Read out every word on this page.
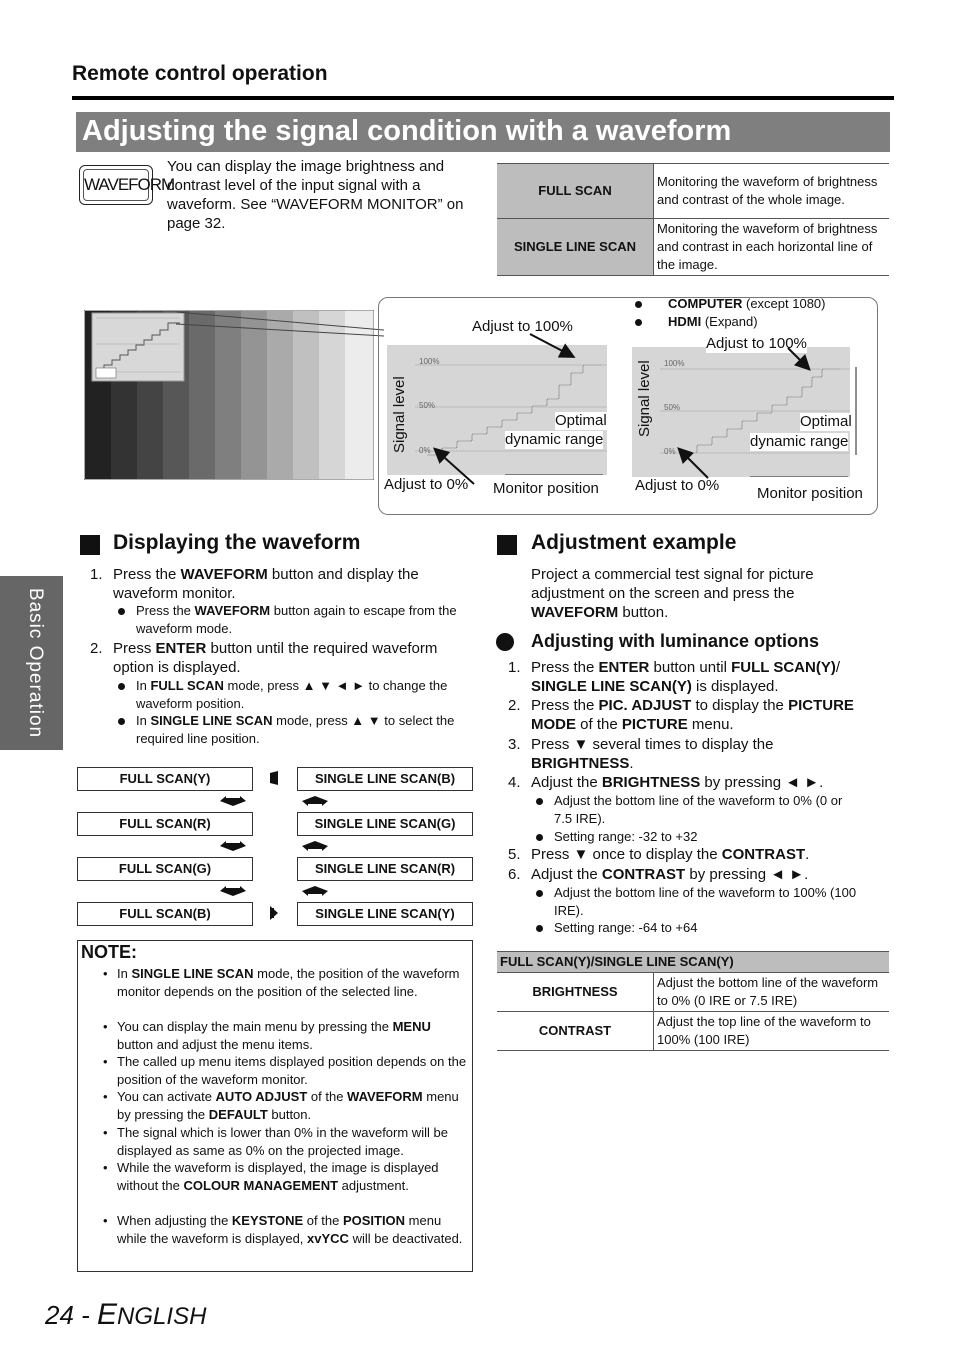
Remote control operation
Adjusting the signal condition with a waveform
WAVEFORM
You can display the image brightness and contrast level of the input signal with a waveform. See “WAVEFORM MONITOR” on page 32.
FULL SCAN	Monitoring the waveform of brightness and contrast of the whole image.
SINGLE LINE SCAN	Monitoring the waveform of brightness and contrast in each horizontal line of the image.
Basic Operation
COMPUTER (except 1080)
HDMI (Expand)
100%
50%
0%
Adjust to 100%
Signal level	Optimal
dynamic range
Adjust to 0% Monitor position
100%
50%
0%
Adjust to 100%
Signal level	Optimal
dynamic range
Adjust to 0%	Monitor position
Displaying the waveform
1. Press the WAVEFORM button and display the waveform monitor.
Press the WAVEFORM button again to escape from the waveform mode.
2. Press ENTER button until the required waveform option is displayed.
In FULL SCAN mode, press ▲ ▼ ◄ ► to change the waveform position.
In SINGLE LINE SCAN mode, press ▲ ▼ to select the required line position.
FULL SCAN(Y)
FULL SCAN(R)
FULL SCAN(G)
FULL SCAN(B)
SINGLE LINE SCAN(B)
SINGLE LINE SCAN(G)
SINGLE LINE SCAN(R)
SINGLE LINE SCAN(Y)
NOTE:
• In SINGLE LINE SCAN mode, the position of the waveform monitor depends on the position of the selected line.
• You can display the main menu by pressing the MENU button and adjust the menu items.
• The called up menu items displayed position depends on the position of the waveform monitor.
• You can activate AUTO ADJUST of the WAVEFORM menu by pressing the DEFAULT button.
• The signal which is lower than 0% in the waveform will be displayed as same as 0% on the projected image.
• While the waveform is displayed, the image is displayed without the COLOUR MANAGEMENT adjustment.
• When adjusting the KEYSTONE of the POSITION menu while the waveform is displayed, xvYCC will be deactivated.
Adjustment example
Project a commercial test signal for picture adjustment on the screen and press the WAVEFORM button.
Adjusting with luminance options
1. Press the ENTER button until FULL SCAN(Y)/
SINGLE LINE SCAN(Y) is displayed.
2. Press the PIC. ADJUST to display the PICTURE MODE of the PICTURE menu.
3. Press ▼ several times to display the BRIGHTNESS.
4. Adjust the BRIGHTNESS by pressing ◄ ►.
Adjust the bottom line of the waveform to 0% (0 or 7.5 IRE).
Setting range: -32 to +32
5. Press ▼ once to display the CONTRAST.
6. Adjust the CONTRAST by pressing ◄ ►.
Adjust the bottom line of the waveform to 100% (100 IRE).
Setting range: -64 to +64
FULL SCAN(Y)/SINGLE LINE SCAN(Y)	
BRIGHTNESS	Adjust the bottom line of the waveform to 0% (0 IRE or 7.5 IRE)
CONTRAST	Adjust the top line of the waveform to 100% (100 IRE)
24 - ENGLISH
